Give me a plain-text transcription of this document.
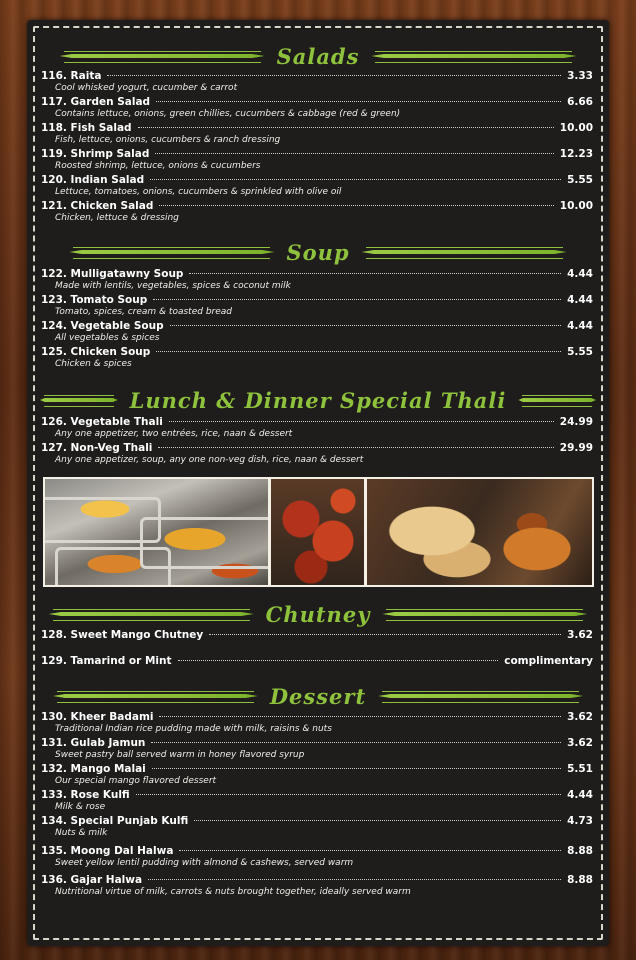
Salads
116. Raita	3.33
Cool whisked yogurt, cucumber & carrot
117. Garden Salad	6.66
Contains lettuce, onions, green chillies, cucumbers & cabbage (red & green)
118. Fish Salad	10.00
Fish, lettuce, onions, cucumbers & ranch dressing
119. Shrimp Salad	12.23
Roosted shrimp, lettuce, onions & cucumbers
120. Indian Salad	5.55
Lettuce, tomatoes, onions, cucumbers & sprinkled with olive oil
121. Chicken Salad	10.00
Chicken, lettuce & dressing
Soup
122. Mulligatawny Soup	4.44
Made with lentils, vegetables, spices & coconut milk
123. Tomato Soup	4.44
Tomato, spices, cream & toasted bread
124. Vegetable Soup	4.44
All vegetables & spices
125. Chicken Soup	5.55
Chicken & spices
Lunch & Dinner Special Thali
126. Vegetable Thali	24.99
Any one appetizer, two entrées, rice, naan & dessert
127. Non-Veg Thali	29.99
Any one appetizer, soup, any one non-veg dish, rice, naan & dessert
Chutney
128. Sweet Mango Chutney	3.62
129. Tamarind or Mint	complimentary
Dessert
130. Kheer Badami	3.62
Traditional Indian rice pudding made with milk, raisins & nuts
131. Gulab Jamun	3.62
Sweet pastry ball served warm in honey flavored syrup
132. Mango Malai	5.51
Our special mango flavored dessert
133. Rose Kulfi	4.44
Milk & rose
134. Special Punjab Kulfi	4.73
Nuts & milk
135. Moong Dal Halwa	8.88
Sweet yellow lentil pudding with almond & cashews, served warm
136. Gajar Halwa	8.88
Nutritional virtue of milk, carrots & nuts brought together, ideally served warm
